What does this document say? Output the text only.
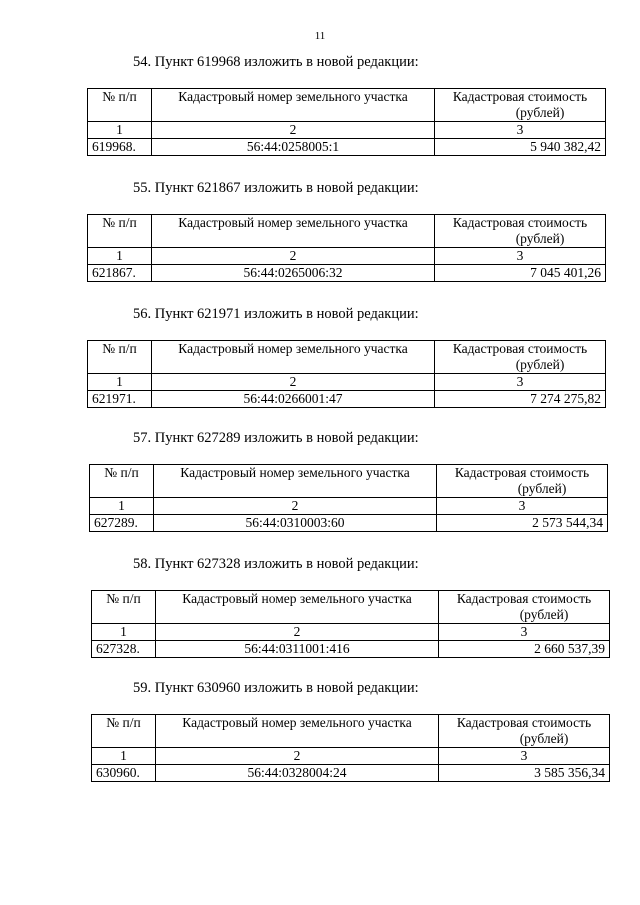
11
54. Пункт 619968 изложить в новой редакции:
№ п/п	Кадастровый номер земельного участка	Кадастровая стоимость
(рублей)

1	2	3
619968.	56:44:0258005:1	5 940 382,42
55. Пункт 621867 изложить в новой редакции:
№ п/п	Кадастровый номер земельного участка	Кадастровая стоимость
(рублей)

1	2	3
621867.	56:44:0265006:32	7 045 401,26
56. Пункт 621971 изложить в новой редакции:
№ п/п	Кадастровый номер земельного участка	Кадастровая стоимость
(рублей)

1	2	3
621971.	56:44:0266001:47	7 274 275,82
57. Пункт 627289 изложить в новой редакции:
№ п/п	Кадастровый номер земельного участка	Кадастровая стоимость
(рублей)

1	2	3
627289.	56:44:0310003:60	2 573 544,34
58. Пункт 627328 изложить в новой редакции:
№ п/п	Кадастровый номер земельного участка	Кадастровая стоимость
(рублей)

1	2	3
627328.	56:44:0311001:416	2 660 537,39
59. Пункт 630960 изложить в новой редакции:
№ п/п	Кадастровый номер земельного участка	Кадастровая стоимость
(рублей)

1	2	3
630960.	56:44:0328004:24	3 585 356,34
